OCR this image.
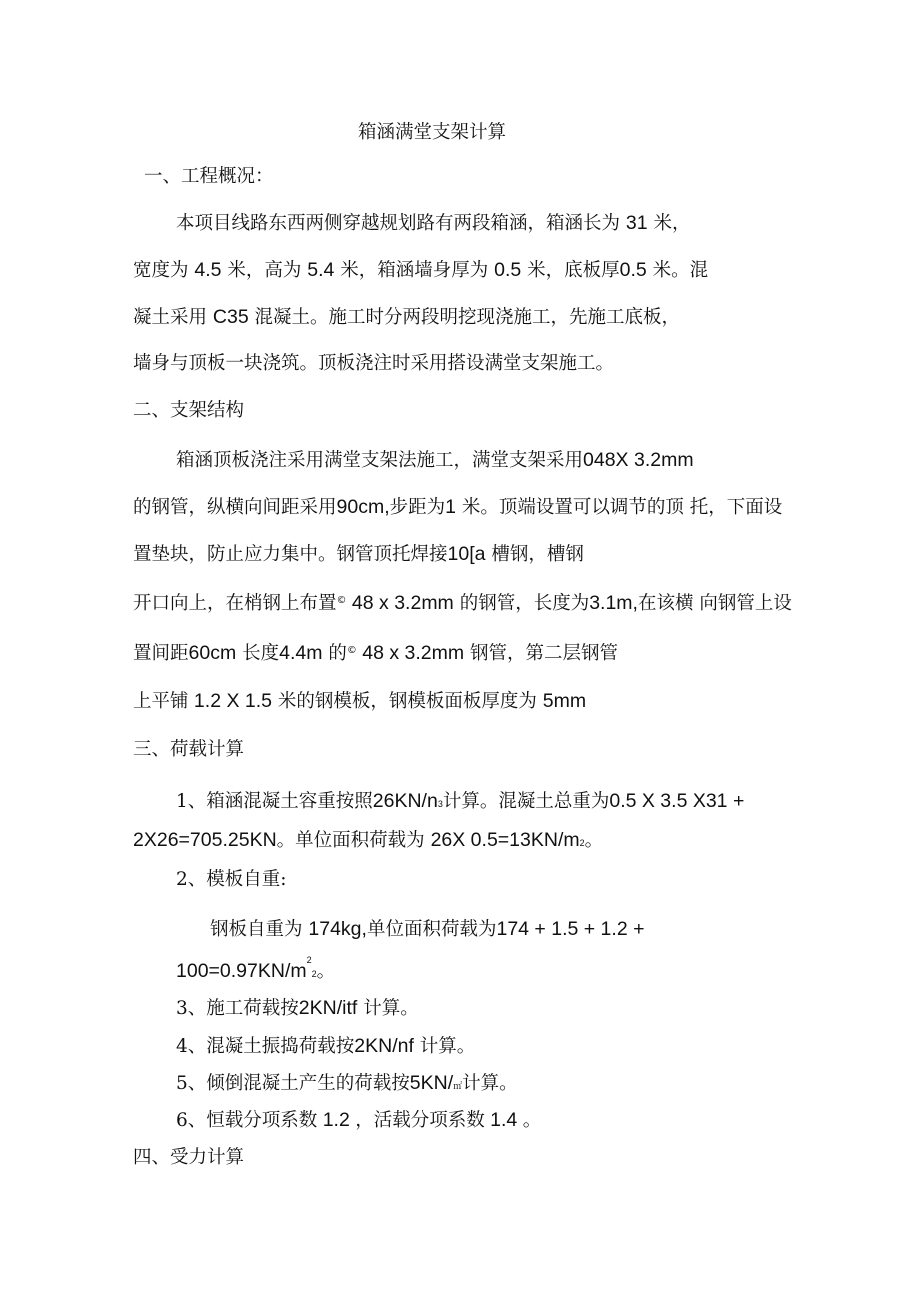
箱涵满堂支架计算

一、工程概况：

本项目线路东西两侧穿越规划路有两段箱涵，箱涵长为 31 米，

宽度为 4.5 米，高为 5.4 米，箱涵墙身厚为 0.5 米，底板厚0.5 米。混

凝土采用 C35 混凝土。施工时分两段明挖现浇施工，先施工底板，

墙身与顶板一块浇筑。顶板浇注时采用搭设满堂支架施工。

二、支架结构

箱涵顶板浇注采用满堂支架法施工，满堂支架采用048X 3.2mm

的钢管，纵横向间距采用90cm,步距为1 米。顶端设置可以调节的顶 托，下面设

置垫块，防止应力集中。钢管顶托焊接10[a 槽钢，槽钢

开口向上，在梢钢上布置© 48 x 3.2mm 的钢管，长度为3.1m,在该横 向钢管上设

置间距60cm 长度4.4m 的© 48 x 3.2mm 钢管，第二层钢管

上平铺 1.2 X 1.5 米的钢模板，钢模板面板厚度为 5mm

三、荷载计算

1、箱涵混凝土容重按照26KN/n3计算。混凝土总重为0.5 X 3.5 X31 +

2X26=705.25KN。单位面积荷载为 26X 0.5=13KN/m2。

2、模板自重:

钢板自重为 174kg,单位面积荷载为174 + 1.5 + 1.2 +

$100=0.97KN/m^22$。

3、施工荷载按2KN/itf 计算。

4、混凝土振捣荷载按2KN/nf 计算。

5、倾倒混凝土产生的荷载按5KN/㎡计算。

6、恒载分项系数 1.2 ，活载分项系数 1.4 。

四、受力计算
